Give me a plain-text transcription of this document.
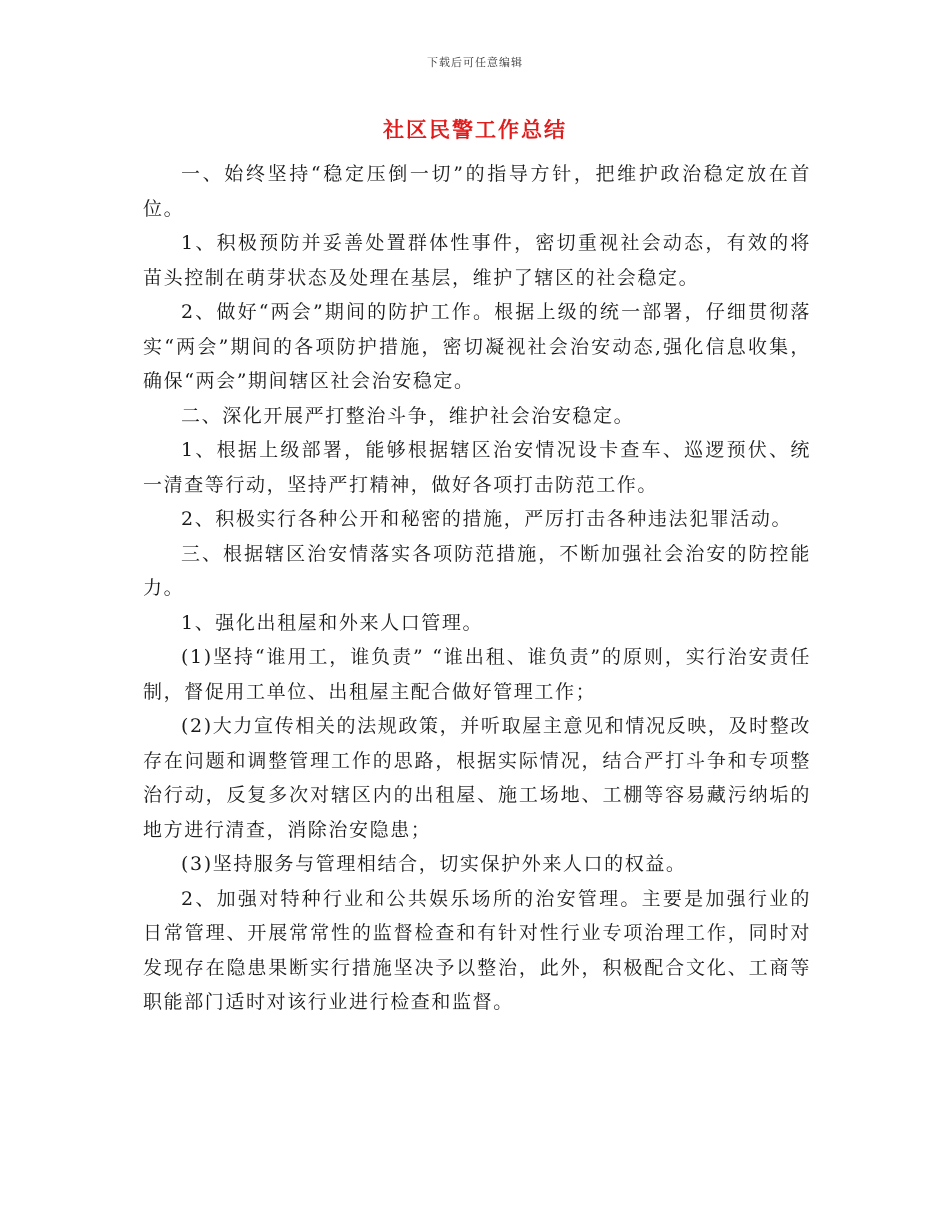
下载后可任意编辑
社区民警工作总结

一、始终坚持“稳定压倒一切”的指导方针，把维护政治稳定放在首位。

1、积极预防并妥善处置群体性事件，密切重视社会动态，有效的将苗头控制在萌芽状态及处理在基层，维护了辖区的社会稳定。

2、做好“两会”期间的防护工作。根据上级的统一部署，仔细贯彻落实“两会”期间的各项防护措施，密切凝视社会治安动态,强化信息收集，确保“两会”期间辖区社会治安稳定。

二、深化开展严打整治斗争，维护社会治安稳定。

1、根据上级部署，能够根据辖区治安情况设卡查车、巡逻预伏、统一清查等行动，坚持严打精神，做好各项打击防范工作。

2、积极实行各种公开和秘密的措施，严厉打击各种违法犯罪活动。

三、根据辖区治安情落实各项防范措施，不断加强社会治安的防控能力。

1、强化出租屋和外来人口管理。

(1)坚持“谁用工，谁负责” “谁出租、谁负责”的原则，实行治安责任制，督促用工单位、出租屋主配合做好管理工作；

(2)大力宣传相关的法规政策，并听取屋主意见和情况反映，及时整改存在问题和调整管理工作的思路，根据实际情况，结合严打斗争和专项整治行动，反复多次对辖区内的出租屋、施工场地、工棚等容易藏污纳垢的地方进行清查，消除治安隐患；

(3)坚持服务与管理相结合，切实保护外来人口的权益。

2、加强对特种行业和公共娱乐场所的治安管理。主要是加强行业的日常管理、开展常常性的监督检查和有针对性行业专项治理工作，同时对发现存在隐患果断实行措施坚决予以整治，此外，积极配合文化、工商等职能部门适时对该行业进行检查和监督。
